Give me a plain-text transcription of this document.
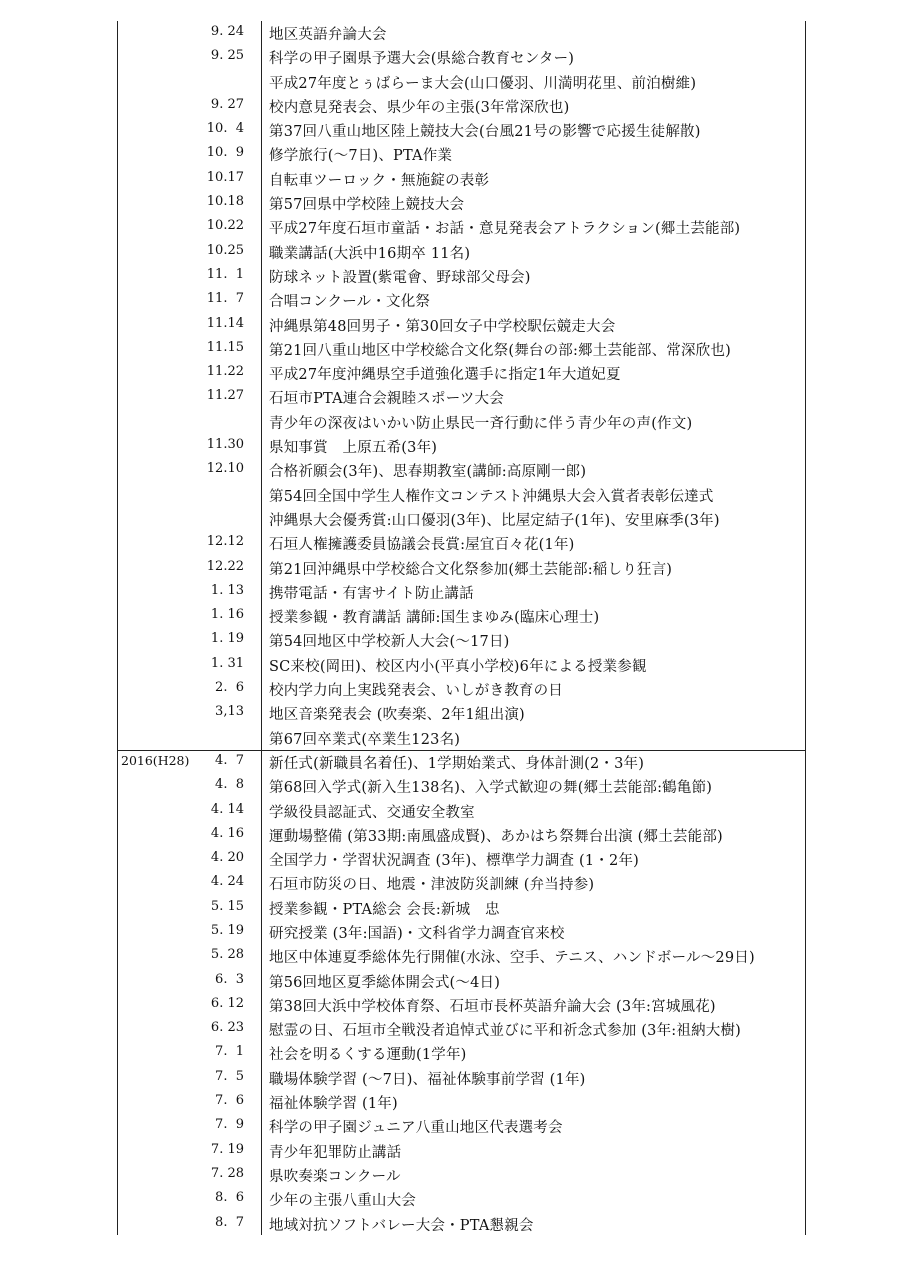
9. 24 地区英語弁論大会
9. 25 科学の甲子園県予選大会(県総合教育センター)
平成27年度とぅばらーま大会(山口優羽、川満明花里、前泊樹維)
9. 27 校内意見発表会、県少年の主張(3年常深欣也)
10.  4 第37回八重山地区陸上競技大会(台風21号の影響で応援生徒解散)
10.  9 修学旅行(〜7日)、PTA作業
10.17 自転車ツーロック・無施錠の表彰
10.18 第57回県中学校陸上競技大会
10.22 平成27年度石垣市童話・お話・意見発表会アトラクション(郷土芸能部)
10.25 職業講話(大浜中16期卒 11名)
11.  1 防球ネット設置(紫電會、野球部父母会)
11.  7 合唱コンクール・文化祭
11.14 沖縄県第48回男子・第30回女子中学校駅伝競走大会
11.15 第21回八重山地区中学校総合文化祭(舞台の部:郷土芸能部、常深欣也)
11.22 平成27年度沖縄県空手道強化選手に指定1年大道妃夏
11.27 石垣市PTA連合会親睦スポーツ大会
青少年の深夜はいかい防止県民一斉行動に伴う青少年の声(作文)
11.30 県知事賞　上原五希(3年)
12.10 合格祈願会(3年)、思春期教室(講師:高原剛一郎)
第54回全国中学生人権作文コンテスト沖縄県大会入賞者表彰伝達式
沖縄県大会優秀賞:山口優羽(3年)、比屋定結子(1年)、安里麻季(3年)
12.12 石垣人権擁護委員協議会長賞:屋宜百々花(1年)
12.22 第21回沖縄県中学校総合文化祭参加(郷土芸能部:稲しり狂言)
1. 13 携帯電話・有害サイト防止講話
1. 16 授業参観・教育講話 講師:国生まゆみ(臨床心理士)
1. 19 第54回地区中学校新人大会(〜17日)
1. 31 SC来校(岡田)、校区内小(平真小学校)6年による授業参観
2.  6 校内学力向上実践発表会、いしがき教育の日
3,13 地区音楽発表会 (吹奏楽、2年1組出演)
第67回卒業式(卒業生123名)
2016(H28) 4.  7 新任式(新職員名着任)、1学期始業式、身体計測(2・3年)
4.  8 第68回入学式(新入生138名)、入学式歓迎の舞(郷土芸能部:鶴亀節)
4. 14 学級役員認証式、交通安全教室
4. 16 運動場整備 (第33期:南風盛成賢)、あかはち祭舞台出演 (郷土芸能部)
4. 20 全国学力・学習状況調査 (3年)、標準学力調査 (1・2年)
4. 24 石垣市防災の日、地震・津波防災訓練 (弁当持参)
5. 15 授業参観・PTA総会 会長:新城　忠
5. 19 研究授業 (3年:国語)・文科省学力調査官来校
5. 28 地区中体連夏季総体先行開催(水泳、空手、テニス、ハンドボール〜29日)
6.  3 第56回地区夏季総体開会式(〜4日)
6. 12 第38回大浜中学校体育祭、石垣市長杯英語弁論大会 (3年:宮城風花)
6. 23 慰霊の日、石垣市全戦没者追悼式並びに平和祈念式参加 (3年:祖納大樹)
7.  1 社会を明るくする運動(1学年)
7.  5 職場体験学習 (〜7日)、福祉体験事前学習 (1年)
7.  6 福祉体験学習 (1年)
7.  9 科学の甲子園ジュニア八重山地区代表選考会
7. 19 青少年犯罪防止講話
7. 28 県吹奏楽コンクール
8.  6 少年の主張八重山大会
8.  7 地域対抗ソフトバレー大会・PTA懇親会
